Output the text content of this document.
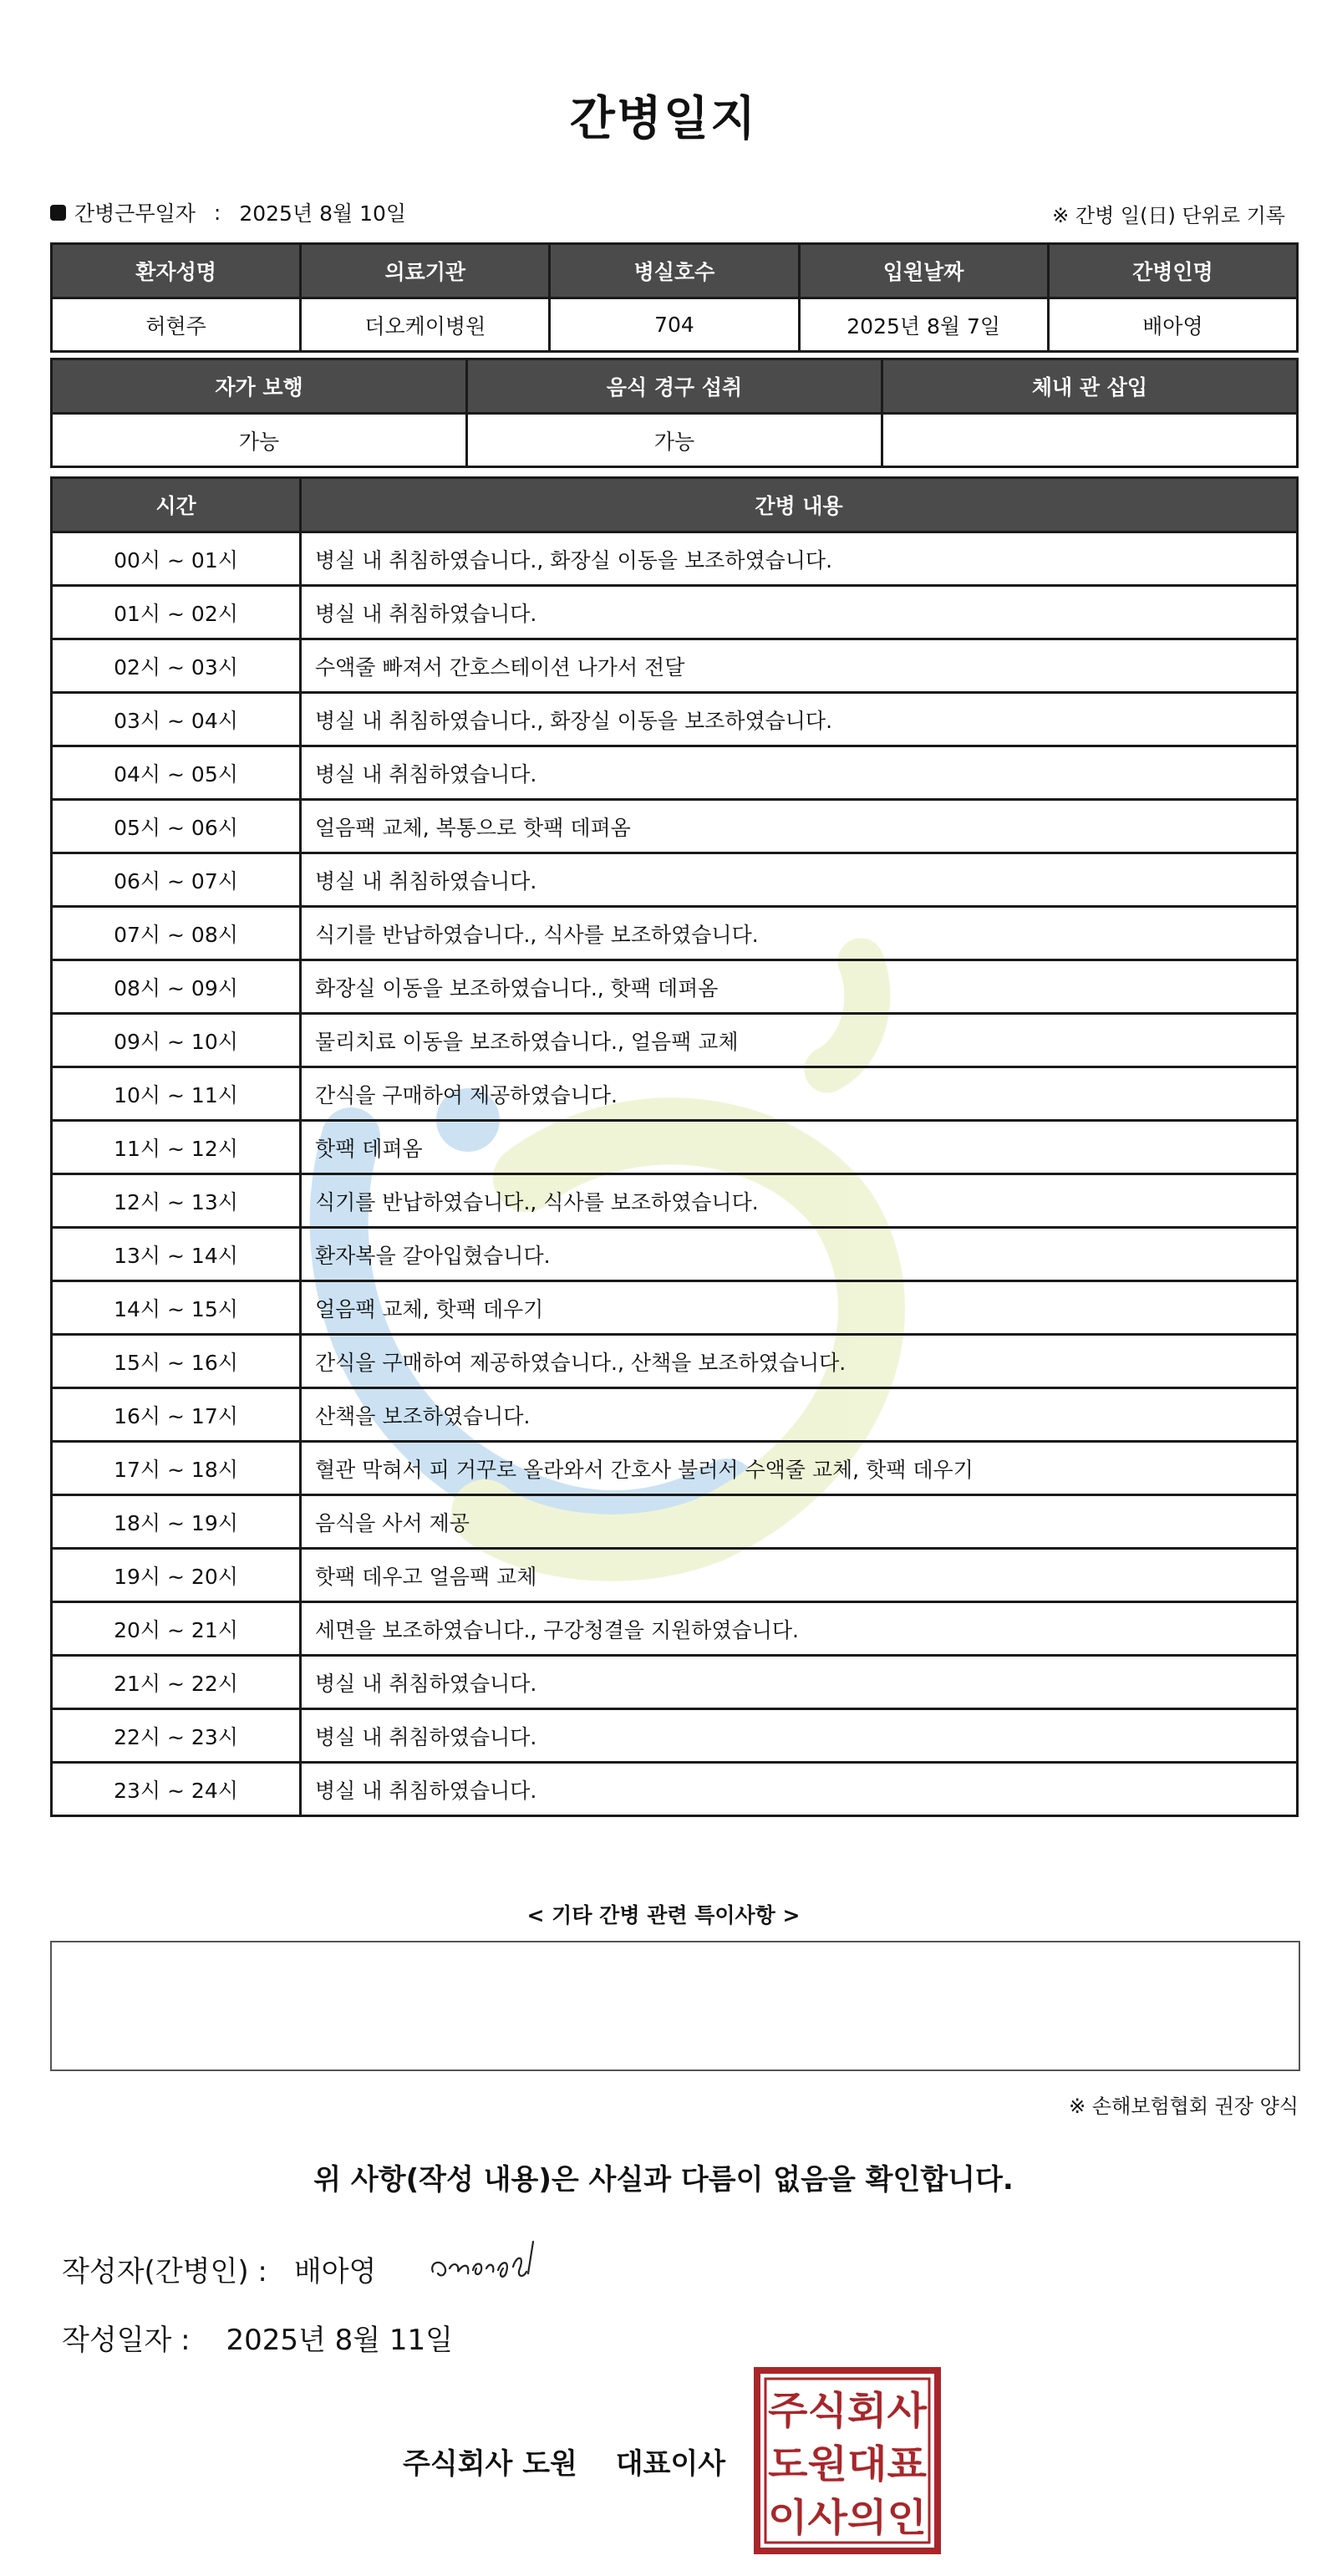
간병일지
간병근무일자 : 2025년 8월 10일	※ 간병 일(日) 단위로 기록
환자성명	의료기관	병실호수	입원날짜	간병인명
허현주	더오케이병원	704	2025년 8월 7일	배아영
자가 보행	음식 경구 섭취	체내 관 삽입
가능	가능	
시간	간병 내용
00시 ~ 01시	병실 내 취침하였습니다., 화장실 이동을 보조하였습니다.
01시 ~ 02시	병실 내 취침하였습니다.
02시 ~ 03시	수액줄 빠져서 간호스테이션 나가서 전달
03시 ~ 04시	병실 내 취침하였습니다., 화장실 이동을 보조하였습니다.
04시 ~ 05시	병실 내 취침하였습니다.
05시 ~ 06시	얼음팩 교체, 복통으로 핫팩 데펴옴
06시 ~ 07시	병실 내 취침하였습니다.
07시 ~ 08시	식기를 반납하였습니다., 식사를 보조하였습니다.
08시 ~ 09시	화장실 이동을 보조하였습니다., 핫팩 데펴옴
09시 ~ 10시	물리치료 이동을 보조하였습니다., 얼음팩 교체
10시 ~ 11시	간식을 구매하여 제공하였습니다.
11시 ~ 12시	핫팩 데펴옴
12시 ~ 13시	식기를 반납하였습니다., 식사를 보조하였습니다.
13시 ~ 14시	환자복을 갈아입혔습니다.
14시 ~ 15시	얼음팩 교체, 핫팩 데우기
15시 ~ 16시	간식을 구매하여 제공하였습니다., 산책을 보조하였습니다.
16시 ~ 17시	산책을 보조하였습니다.
17시 ~ 18시	혈관 막혀서 피 거꾸로 올라와서 간호사 불러서 수액줄 교체, 핫팩 데우기
18시 ~ 19시	음식을 사서 제공
19시 ~ 20시	핫팩 데우고 얼음팩 교체
20시 ~ 21시	세면을 보조하였습니다., 구강청결을 지원하였습니다.
21시 ~ 22시	병실 내 취침하였습니다.
22시 ~ 23시	병실 내 취침하였습니다.
23시 ~ 24시	병실 내 취침하였습니다.
< 기타 간병 관련 특이사항 >
※ 손해보험협회 권장 양식
위 사항(작성 내용)은 사실과 다름이 없음을 확인합니다.
작성자(간병인) : 배아영
작성일자 : 2025년 8월 11일
주식회사 도원 대표이사
주식회사
도원대표
이사의인
